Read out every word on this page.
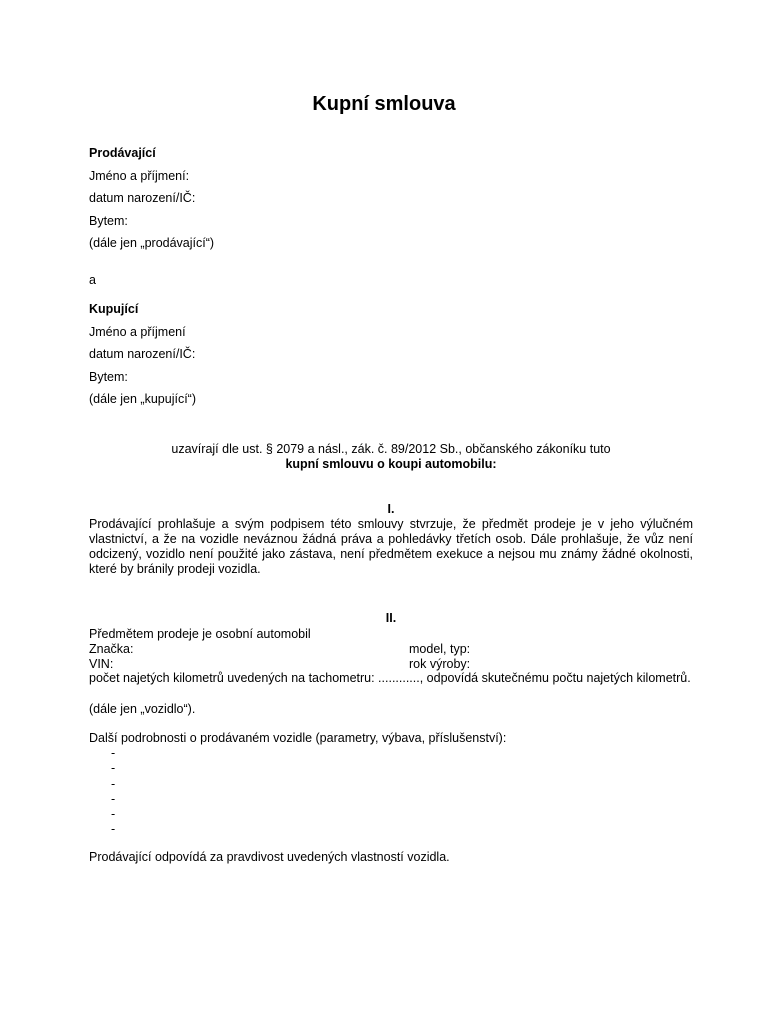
Kupní smlouva
Prodávající
Jméno a příjmení:
datum narození/IČ:
Bytem:
(dále jen „prodávající“)
a
Kupující
Jméno a příjmení
datum narození/IČ:
Bytem:
(dále jen „kupující“)
uzavírají dle ust. § 2079 a násl., zák. č. 89/2012 Sb., občanského zákoníku tuto
kupní smlouvu o koupi automobilu:
I.
Prodávající prohlašuje a svým podpisem této smlouvy stvrzuje, že předmět prodeje je v jeho výlučném
vlastnictví, a že na vozidle neváznou žádná práva a pohledávky třetích osob. Dále prohlašuje, že vůz není
odcizený, vozidlo není použité jako zástava, není předmětem exekuce a nejsou mu známy žádné okolnosti,
které by bránily prodeji vozidla.
II.
Předmětem prodeje je osobní automobil
Značka:	model, typ:
VIN:	rok výroby:
počet najetých kilometrů uvedených na tachometru: ............, odpovídá skutečnému počtu najetých kilometrů.
(dále jen „vozidlo“).
Další podrobnosti o prodávaném vozidle (parametry, výbava, příslušenství):
-
-
-
-
-
-
Prodávající odpovídá za pravdivost uvedených vlastností vozidla.
